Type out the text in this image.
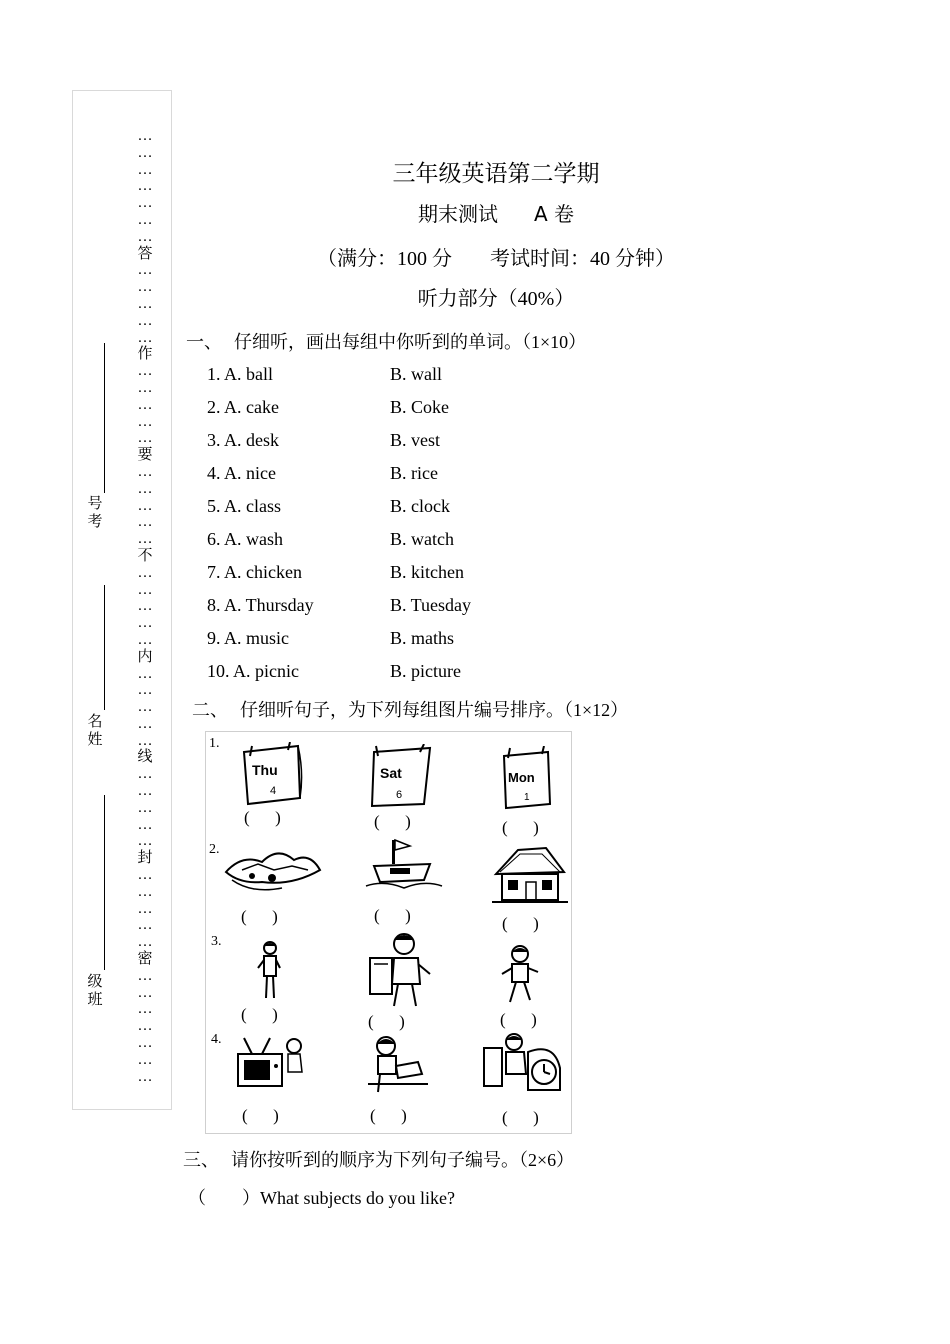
…
…
…
…
…
…
…
答
…
…
…
…
…
作
…
…
…
…
…
要
…
…
…
…
…
不
…
…
…
…
…
内
…
…
…
…
…
线
…
…
…
…
…
封
…
…
…
…
…
密
…
…
…
…
…
…
…
号
考
名
姓
级
班
三年级英语第二学期
期末测试 A 卷
（满分：100 分 考试时间：40 分钟）
听力部分（40%）
一、 仔细听，画出每组中你听到的单词。（1×10）
1. A. ball	B. wall
2. A. cake	B. Coke
3. A. desk	B. vest
4. A. nice	B. rice
5. A. class	B. clock
6. A. wash	B. watch
7. A. chicken	B. kitchen
8. A. Thursday	B. Tuesday
9. A. music	B. maths
10. A. picnic	B. picture
二、 仔细听句子，为下列每组图片编号排序。（1×12）
1.
2.
3.
4.
Thu
4
Sat
6
Mon
1
(      )	(      )	(      )
(      )	(      )	(      )
(      )	(      )	(      )
(      )	(      )	(      )
三、 请你按听到的顺序为下列句子编号。（2×6）
（        ）What subjects do you like?
